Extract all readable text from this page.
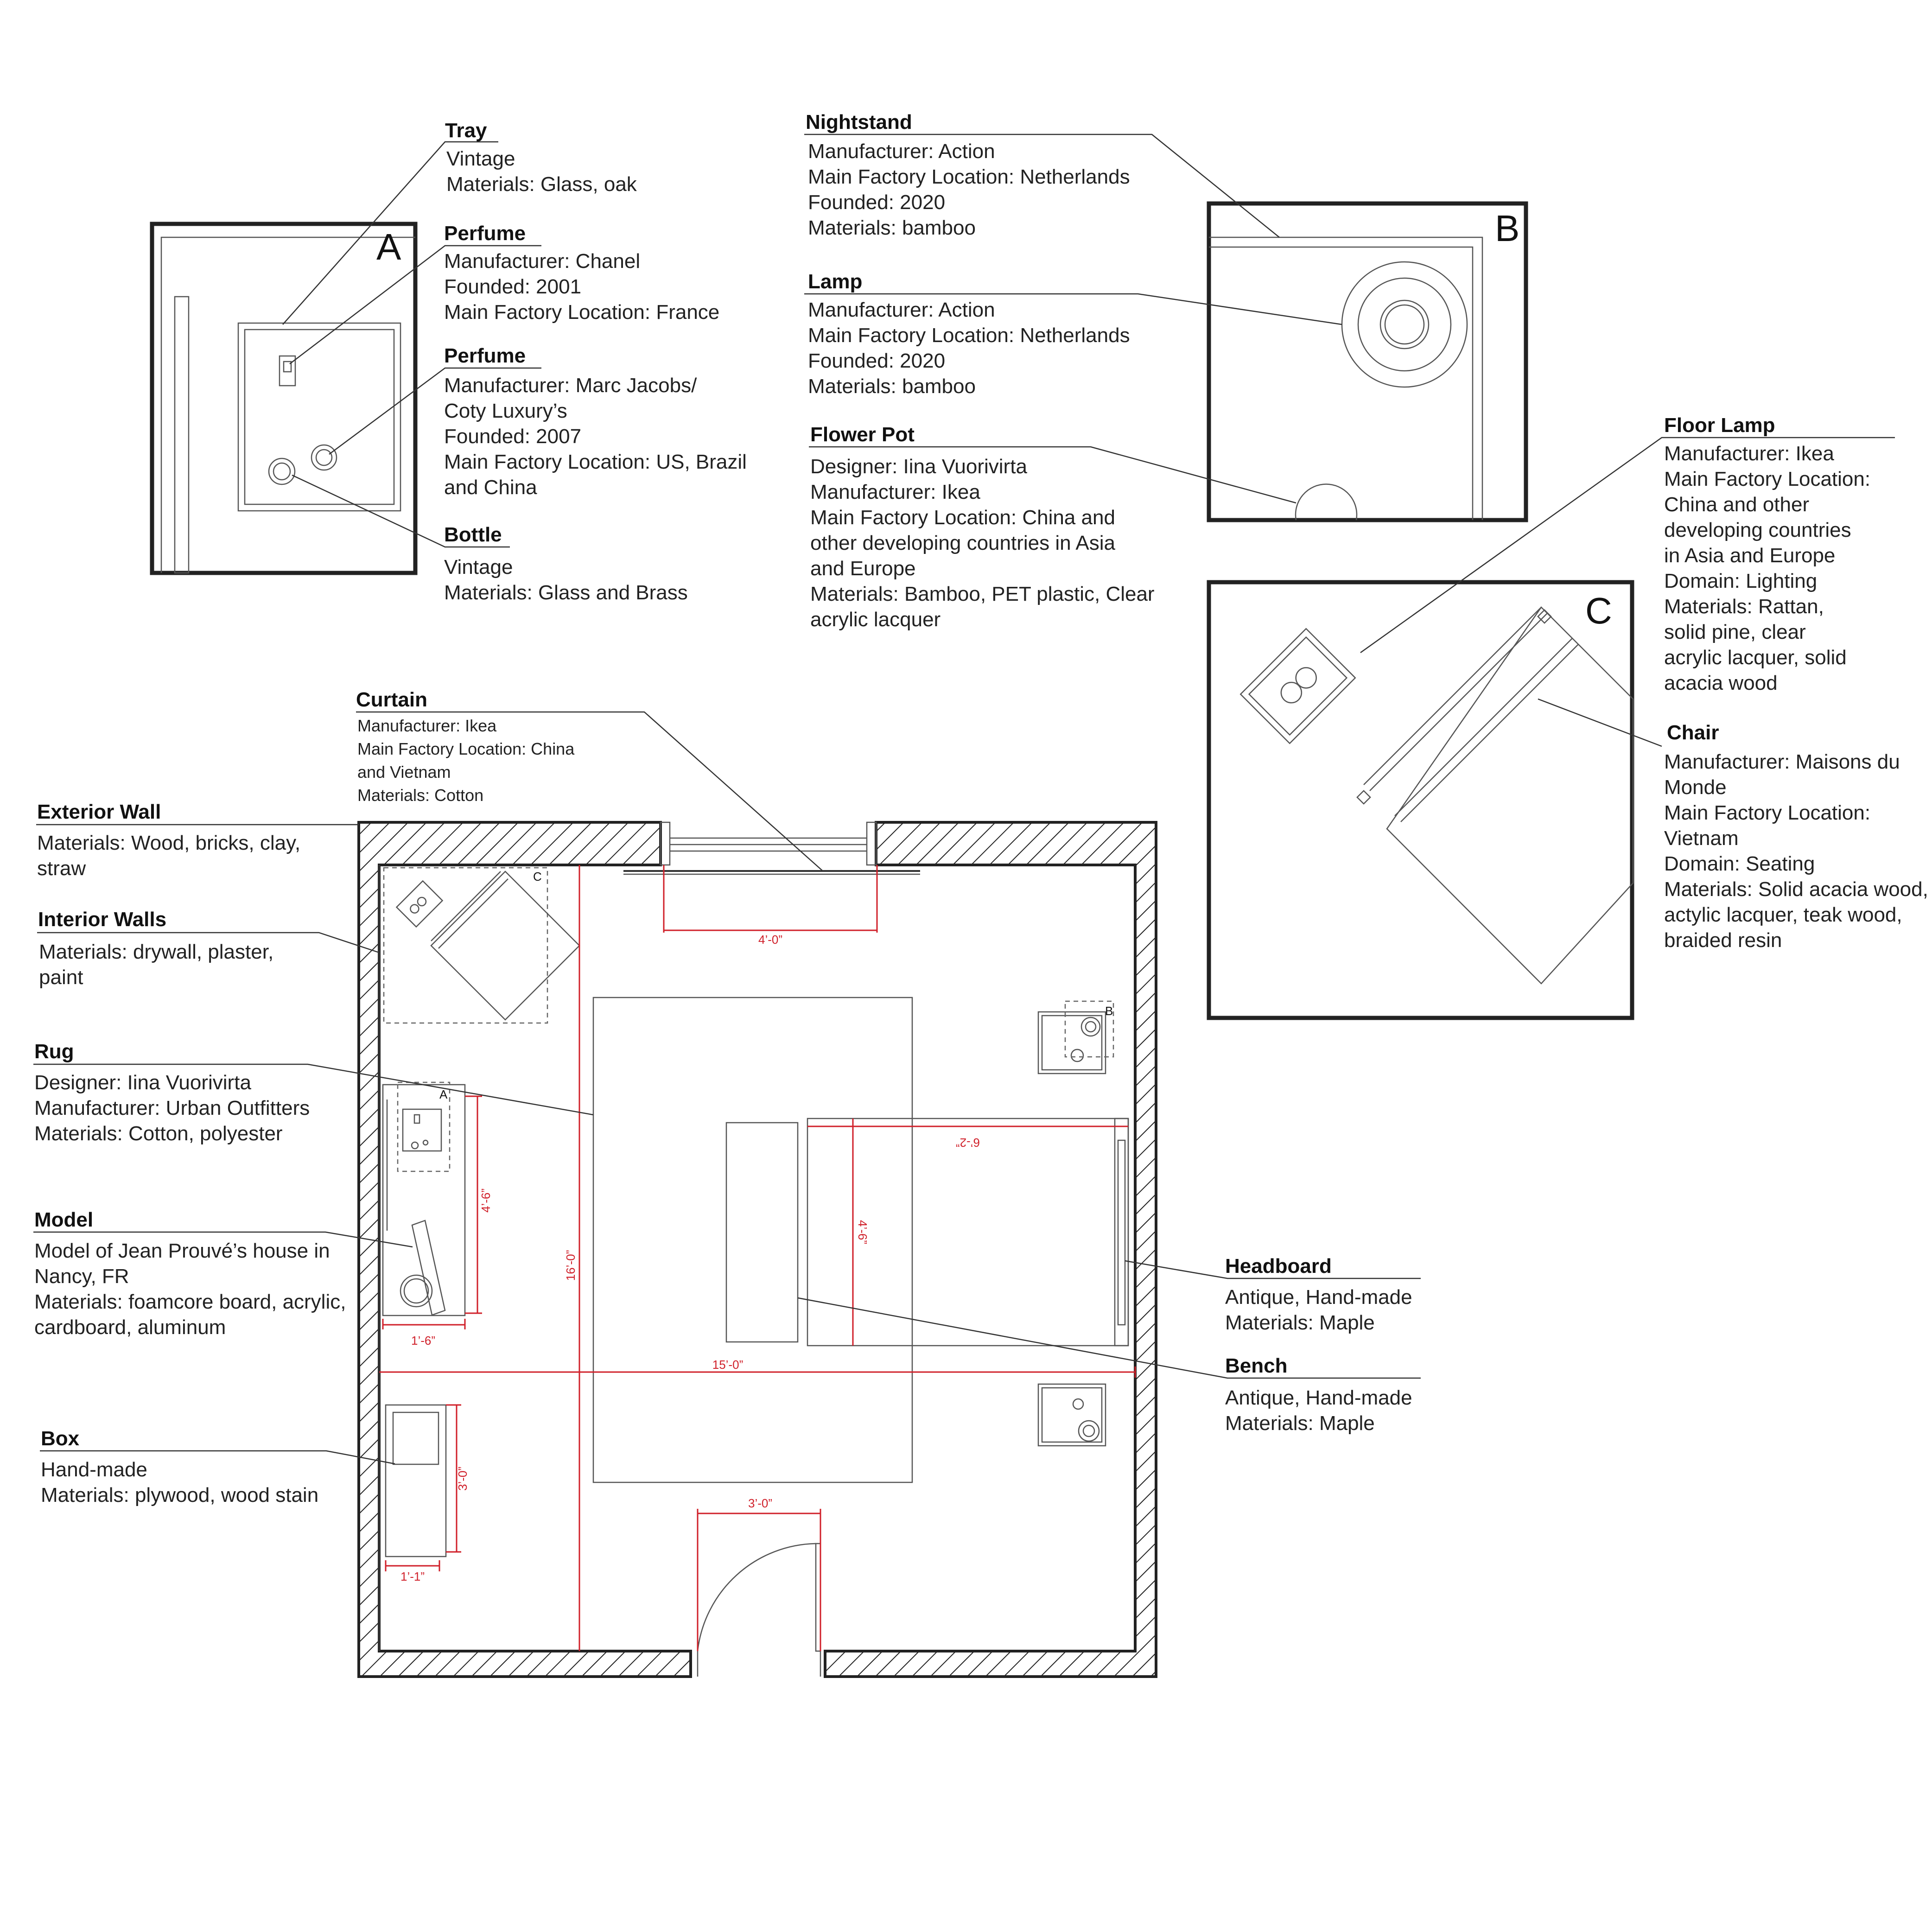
A	B
C
B
C
A
4’-0”
16’-0”
15’-0”
4’-6”
1’-6”
6’-2”
4’-6”
3’-0”
1’-1”
3’-0”
Tray
Vintage
Materials: Glass, oak
Perfume
Manufacturer: Chanel
Founded: 2001
Main Factory Location: France
Perfume
Manufacturer: Marc Jacobs/
Coty Luxury’s
Founded: 2007
Main Factory Location: US, Brazil
and China
Bottle
Vintage
Materials: Glass and Brass
Nightstand
Manufacturer: Action
Main Factory Location: Netherlands
Founded: 2020
Materials: bamboo
Lamp
Manufacturer: Action
Main Factory Location: Netherlands
Founded: 2020
Materials: bamboo
Flower Pot
Designer: Iina Vuorivirta
Manufacturer: Ikea
Main Factory Location: China and
other developing countries in Asia
and Europe
Materials: Bamboo, PET plastic, Clear
acrylic lacquer
Floor Lamp
Manufacturer: Ikea
Main Factory Location:
China and other
developing countries
in Asia and Europe
Domain: Lighting
Materials: Rattan,
solid pine, clear
acrylic lacquer, solid
acacia wood
Chair
Manufacturer: Maisons du
Monde
Main Factory Location:
Vietnam
Domain: Seating
Materials: Solid acacia wood,
actylic lacquer, teak wood,
braided resin
Curtain
Manufacturer: Ikea
Main Factory Location: China
and Vietnam
Materials: Cotton
Exterior Wall
Materials: Wood, bricks, clay,
straw
Interior Walls
Materials: drywall, plaster,
paint
Rug
Designer: Iina Vuorivirta
Manufacturer: Urban Outfitters
Materials: Cotton, polyester
Model
Model of Jean Prouvé’s house in
Nancy, FR
Materials: foamcore board, acrylic,
cardboard, aluminum
Box
Hand-made
Materials: plywood, wood stain
Headboard
Antique, Hand-made
Materials: Maple
Bench
Antique, Hand-made
Materials: Maple
